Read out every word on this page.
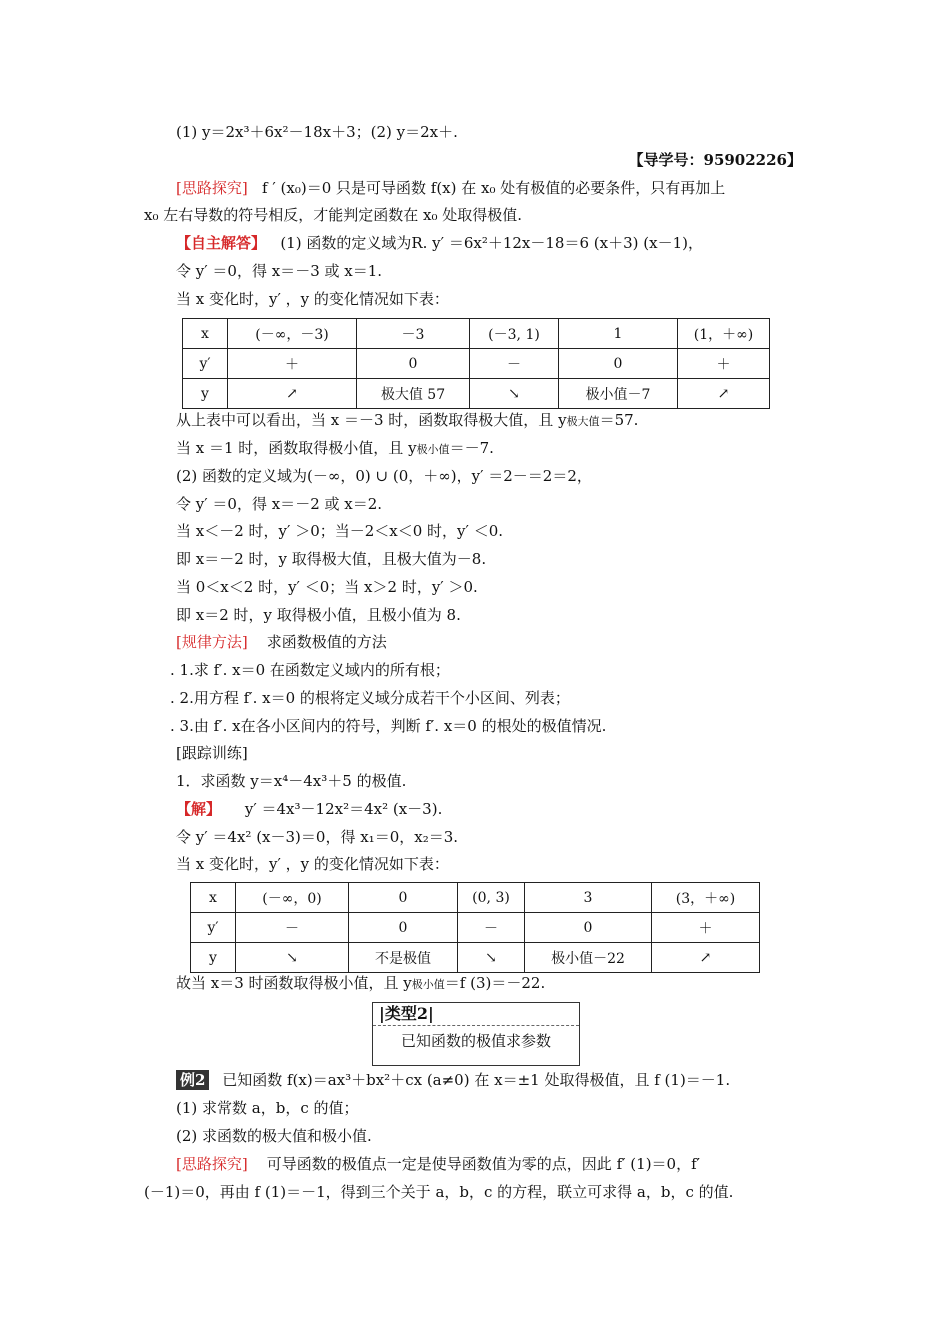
(1) y＝2x³＋6x²－18x＋3；(2) y＝2x＋.
【导学号：95902226】
[思路探究] f ′ (x₀)＝0 只是可导函数 f(x) 在 x₀ 处有极值的必要条件，只有再加上
x₀ 左右导数的符号相反，才能判定函数在 x₀ 处取得极值.
【自主解答】 (1) 函数的定义域为R. y′ ＝6x²＋12x－18＝6 (x＋3) (x－1)，
令 y′ ＝0，得 x＝－3 或 x＝1.
当 x 变化时，y′ ，y 的变化情况如下表：
x	(－∞，－3)	－3	(－3, 1)	1	(1，＋∞)
y′	＋	0	－	0	＋
y	↗	极大值 57	↘	极小值－7	↗
从上表中可以看出，当 x ＝－3 时，函数取得极大值，且 y极大值＝57.
当 x ＝1 时，函数取得极小值，且 y极小值＝－7.
(2) 函数的定义域为(－∞，0) ∪ (0，＋∞)，y′ ＝2－＝2＝2，
令 y′ ＝0，得 x＝－2 或 x＝2.
当 x＜－2 时，y′ ＞0；当－2＜x＜0 时，y′ ＜0.
即 x＝－2 时，y 取得极大值，且极大值为－8.
当 0＜x＜2 时，y′ ＜0；当 x＞2 时，y′ ＞0.
即 x＝2 时，y 取得极小值，且极小值为 8.
[规律方法] 求函数极值的方法
. 1.求 f′. x＝0 在函数定义域内的所有根；
. 2.用方程 f′. x＝0 的根将定义域分成若干个小区间、列表；
. 3.由 f′. x在各小区间内的符号，判断 f′. x＝0 的根处的极值情况.
[跟踪训练]
1．求函数 y＝x⁴－4x³＋5 的极值.
【解】 y′ ＝4x³－12x²＝4x² (x－3).
令 y′ ＝4x² (x－3)＝0，得 x₁＝0，x₂＝3.
当 x 变化时，y′ ，y 的变化情况如下表：
x	(－∞，0)	0	(0, 3)	3	(3，＋∞)
y′	－	0	－	0	＋
y	↘	不是极值	↘	极小值－22	↗
故当 x＝3 时函数取得极小值，且 y极小值＝f (3)＝－22.
|类型2|
已知函数的极值求参数
例2 已知函数 f(x)＝ax³＋bx²＋cx (a≠0) 在 x＝±1 处取得极值，且 f (1)＝－1.
(1) 求常数 a，b，c 的值；
(2) 求函数的极大值和极小值.
[思路探究] 可导函数的极值点一定是使导函数值为零的点，因此 f′ (1)＝0，f′
(－1)＝0，再由 f (1)＝－1，得到三个关于 a，b，c 的方程，联立可求得 a，b，c 的值.
